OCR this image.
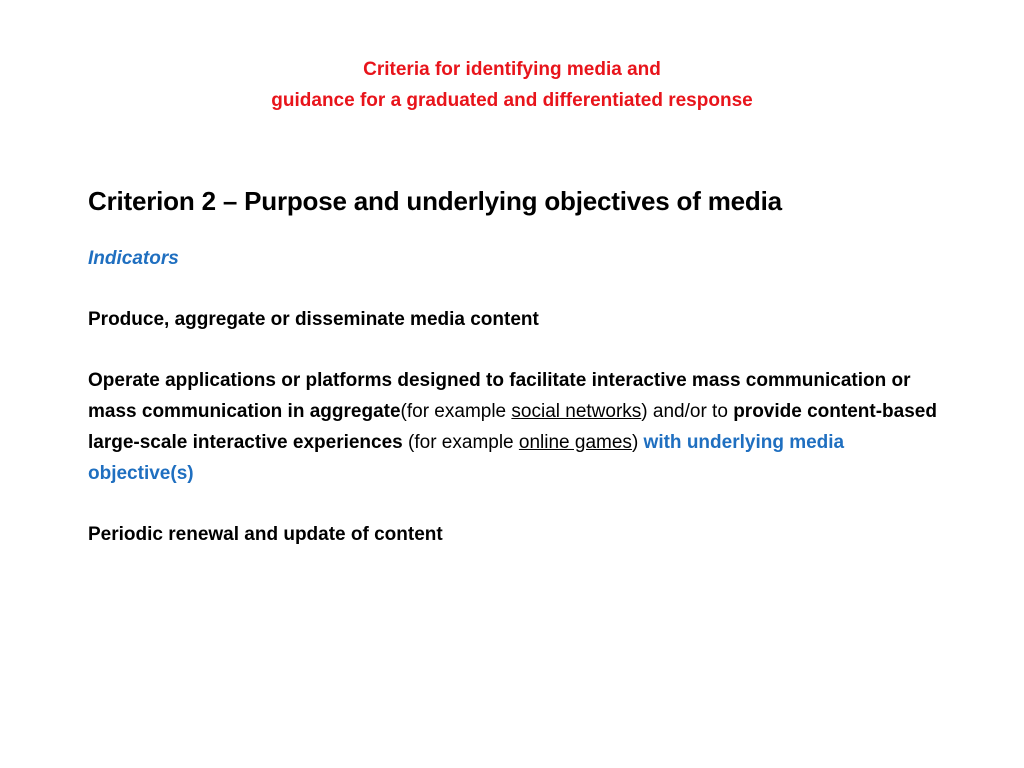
Criteria for identifying media and
guidance for a graduated and differentiated response
Criterion 2 – Purpose and underlying objectives of media
Indicators
Produce, aggregate or disseminate media content
Operate applications or platforms designed to facilitate interactive mass communication or mass communication in aggregate(for example social networks) and/or to provide content-based large-scale interactive experiences (for example online games) with underlying media objective(s)
Periodic renewal and update of content
